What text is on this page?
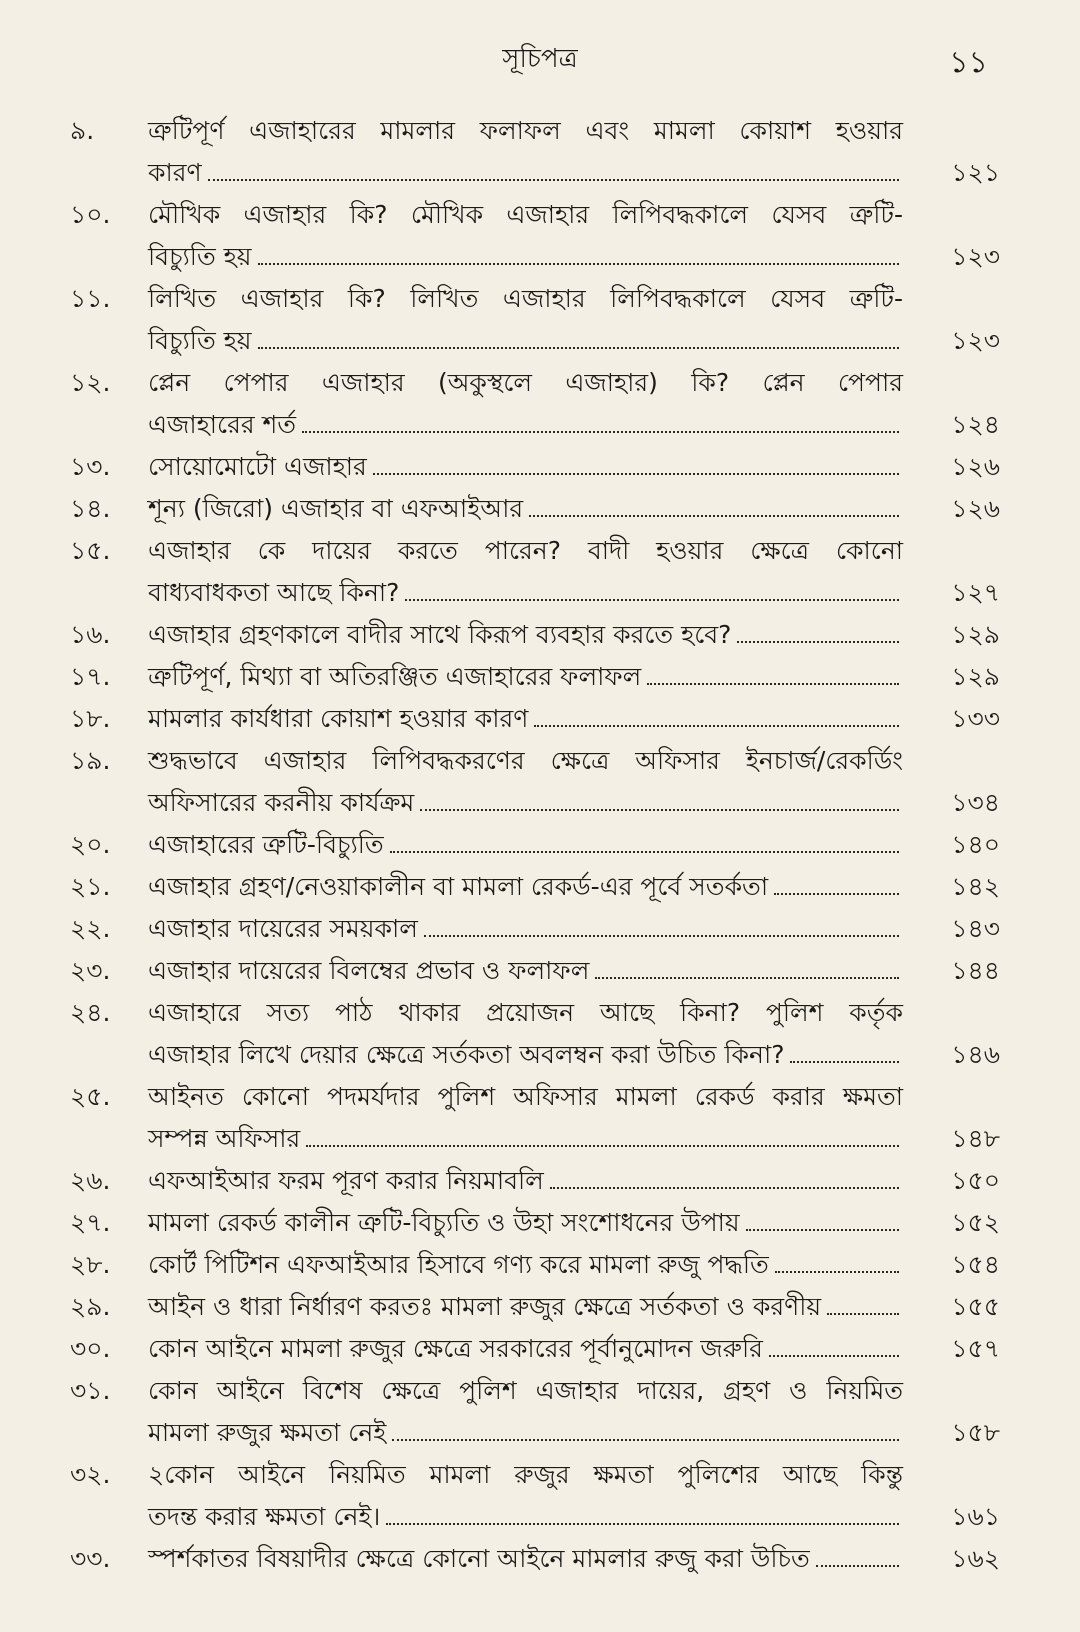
সূচিপত্র	১১
৯. ত্রুটিপূর্ণ এজাহারের মামলার ফলাফল এবং মামলা কোয়াশ হওয়ার
কারণ	১২১
১০. মৌখিক এজাহার কি? মৌখিক এজাহার লিপিবদ্ধকালে যেসব ত্রুটি-
বিচ্যুতি হয়	১২৩
১১. লিখিত এজাহার কি? লিখিত এজাহার লিপিবদ্ধকালে যেসব ত্রুটি-
বিচ্যুতি হয়	১২৩
১২. প্লেন পেপার এজাহার (অকুস্থলে এজাহার) কি? প্লেন পেপার
এজাহারের শর্ত	১২৪
১৩. সোয়োমোটো এজাহার	১২৬
১৪. শূন্য (জিরো) এজাহার বা এফআইআর	১২৬
১৫. এজাহার কে দায়ের করতে পারেন? বাদী হওয়ার ক্ষেত্রে কোনো
বাধ্যবাধকতা আছে কিনা?	১২৭
১৬. এজাহার গ্রহণকালে বাদীর সাথে কিরূপ ব্যবহার করতে হবে?	১২৯
১৭. ত্রুটিপূর্ণ, মিথ্যা বা অতিরঞ্জিত এজাহারের ফলাফল	১২৯
১৮. মামলার কার্যধারা কোয়াশ হওয়ার কারণ	১৩৩
১৯. শুদ্ধভাবে এজাহার লিপিবদ্ধকরণের ক্ষেত্রে অফিসার ইনচার্জ/রেকর্ডিং
অফিসারের করনীয় কার্যক্রম	১৩৪
২০. এজাহারের ত্রুটি-বিচ্যুতি	১৪০
২১. এজাহার গ্রহণ/নেওয়াকালীন বা মামলা রেকর্ড-এর পূর্বে সতর্কতা	১৪২
২২. এজাহার দায়েরের সময়কাল	১৪৩
২৩. এজাহার দায়েরের বিলম্বের প্রভাব ও ফলাফল	১৪৪
২৪. এজাহারে সত্য পাঠ থাকার প্রয়োজন আছে কিনা? পুলিশ কর্তৃক
এজাহার লিখে দেয়ার ক্ষেত্রে সর্তকতা অবলম্বন করা উচিত কিনা?	১৪৬
২৫. আইনত কোনো পদমর্যদার পুলিশ অফিসার মামলা রেকর্ড করার ক্ষমতা
সম্পন্ন অফিসার	১৪৮
২৬. এফআইআর ফরম পূরণ করার নিয়মাবলি	১৫০
২৭. মামলা রেকর্ড কালীন ত্রুটি-বিচ্যুতি ও উহা সংশোধনের উপায়	১৫২
২৮. কোর্ট পিটিশন এফআইআর হিসাবে গণ্য করে মামলা রুজু পদ্ধতি	১৫৪
২৯. আইন ও ধারা নির্ধারণ করতঃ মামলা রুজুর ক্ষেত্রে সর্তকতা ও করণীয়	১৫৫
৩০. কোন আইনে মামলা রুজুর ক্ষেত্রে সরকারের পূর্বানুমোদন জরুরি	১৫৭
৩১. কোন আইনে বিশেষ ক্ষেত্রে পুলিশ এজাহার দায়ের, গ্রহণ ও নিয়মিত
মামলা রুজুর ক্ষমতা নেই	১৫৮
৩২. ২কোন আইনে নিয়মিত মামলা রুজুর ক্ষমতা পুলিশের আছে কিন্তু
তদন্ত করার ক্ষমতা নেই।	১৬১
৩৩. স্পর্শকাতর বিষয়াদীর ক্ষেত্রে কোনো আইনে মামলার রুজু করা উচিত	১৬২
